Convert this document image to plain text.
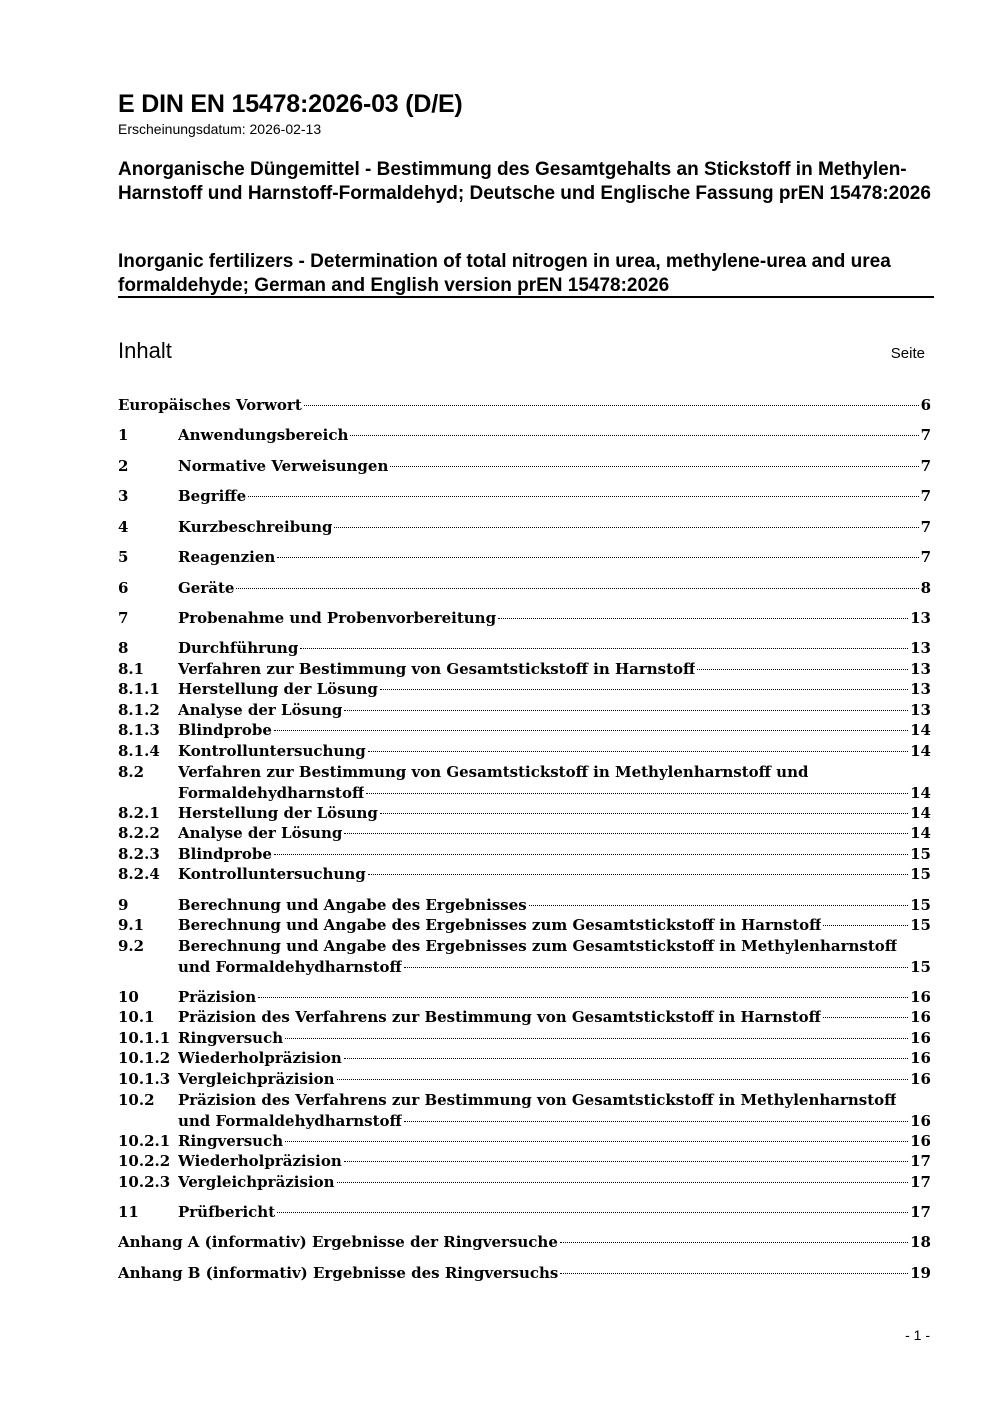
E DIN EN 15478:2026-03 (D/E)
Erscheinungsdatum: 2026-02-13
Anorganische Düngemittel - Bestimmung des Gesamtgehalts an Stickstoff in Methylen-Harnstoff und Harnstoff-Formaldehyd; Deutsche und Englische Fassung prEN 15478:2026
Inorganic fertilizers - Determination of total nitrogen in urea, methylene-urea and urea formaldehyde; German and English version prEN 15478:2026
Inhalt	Seite
Europäisches Vorwort	6
1	Anwendungsbereich	7
2	Normative Verweisungen	7
3	Begriffe	7
4	Kurzbeschreibung	7
5	Reagenzien	7
6	Geräte	8
7	Probenahme und Probenvorbereitung	13
8	Durchführung	13
8.1	Verfahren zur Bestimmung von Gesamtstickstoff in Harnstoff	13
8.1.1	Herstellung der Lösung	13
8.1.2	Analyse der Lösung	13
8.1.3	Blindprobe	14
8.1.4	Kontrolluntersuchung	14
8.2	Verfahren zur Bestimmung von Gesamtstickstoff in Methylenharnstoff und
Formaldehydharnstoff	14
8.2.1	Herstellung der Lösung	14
8.2.2	Analyse der Lösung	14
8.2.3	Blindprobe	15
8.2.4	Kontrolluntersuchung	15
9	Berechnung und Angabe des Ergebnisses	15
9.1	Berechnung und Angabe des Ergebnisses zum Gesamtstickstoff in Harnstoff	15
9.2	Berechnung und Angabe des Ergebnisses zum Gesamtstickstoff in Methylenharnstoff
und Formaldehydharnstoff	15
10	Präzision	16
10.1	Präzision des Verfahrens zur Bestimmung von Gesamtstickstoff in Harnstoff	16
10.1.1 Ringversuch	16
10.1.2 Wiederholpräzision	16
10.1.3 Vergleichpräzision	16
10.2	Präzision des Verfahrens zur Bestimmung von Gesamtstickstoff in Methylenharnstoff
und Formaldehydharnstoff	16
10.2.1 Ringversuch	16
10.2.2 Wiederholpräzision	17
10.2.3 Vergleichpräzision	17
11	Prüfbericht	17
Anhang A (informativ) Ergebnisse der Ringversuche	18
Anhang B (informativ) Ergebnisse des Ringversuchs	19
- 1 -
